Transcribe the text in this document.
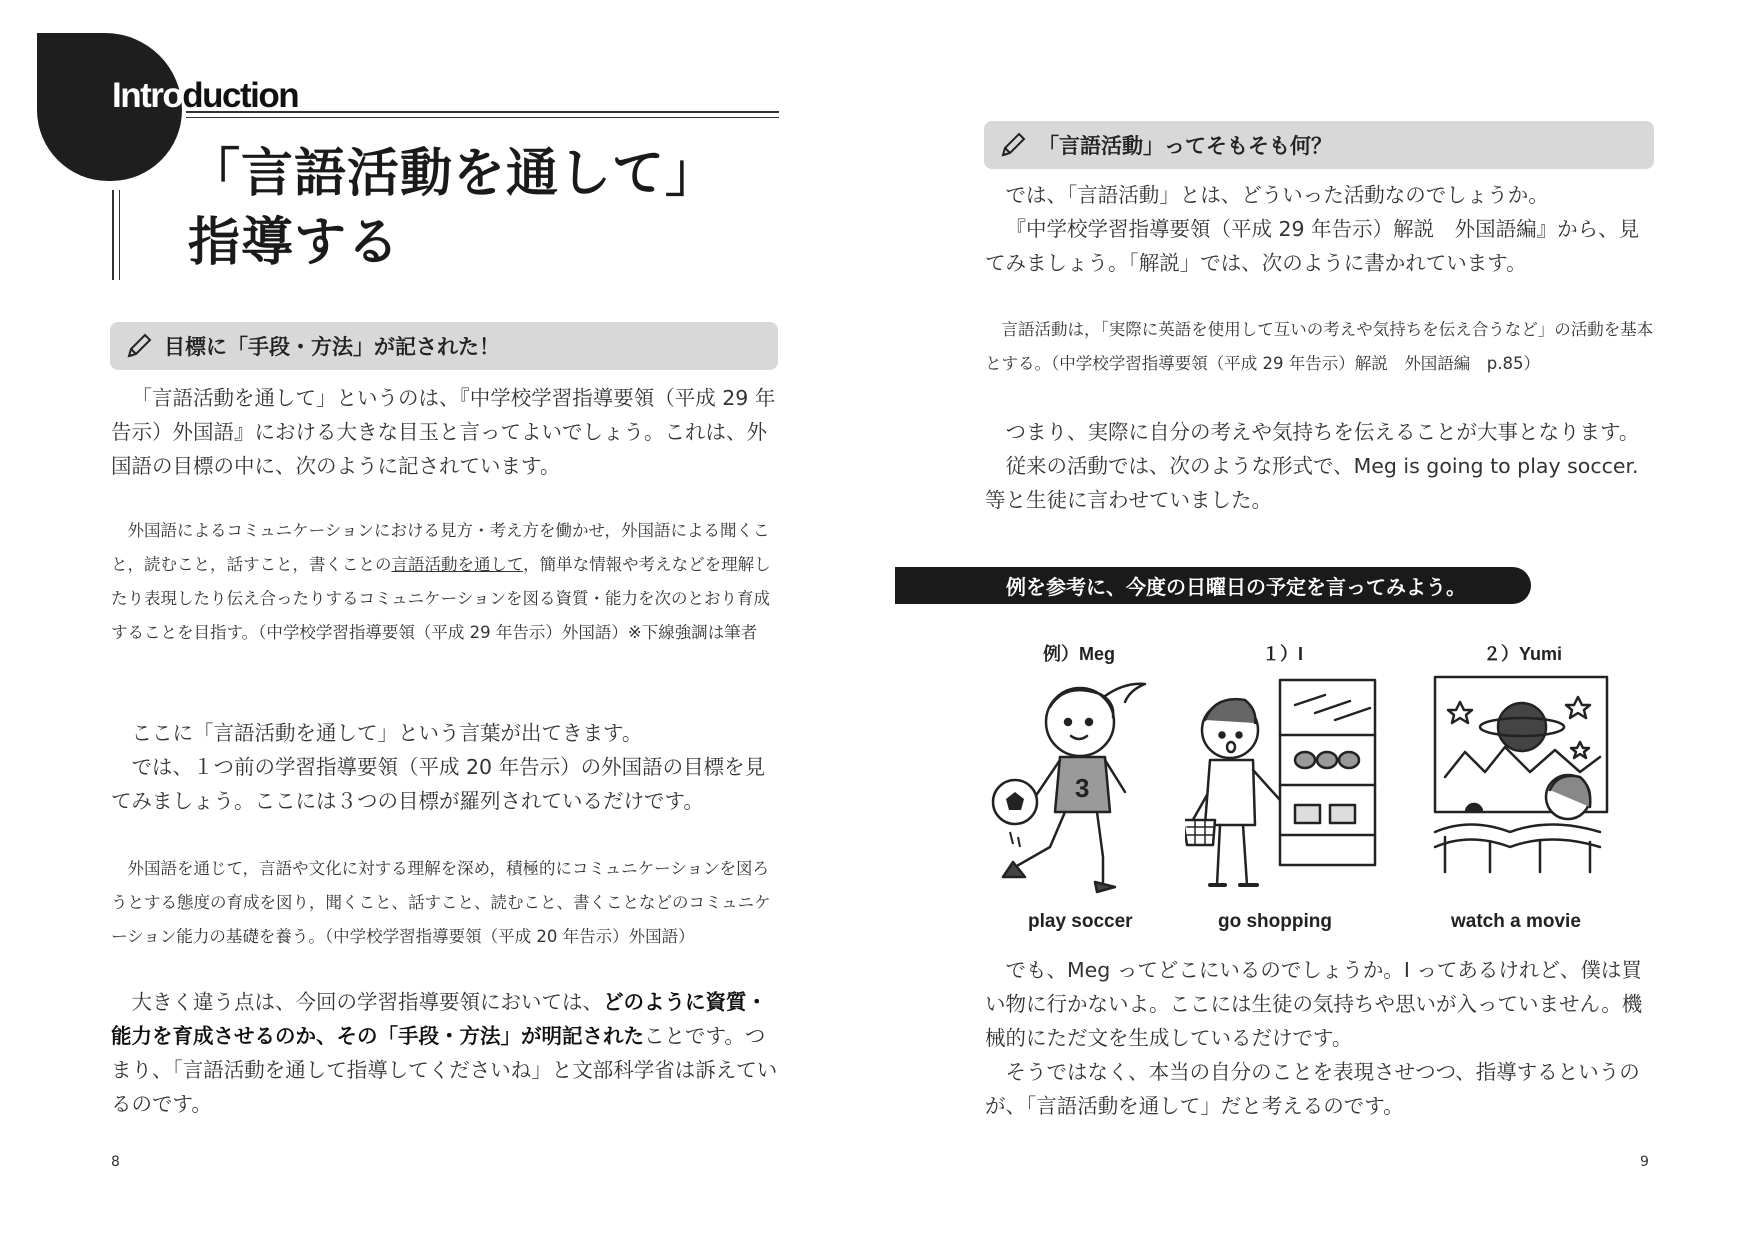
Introduction
「言語活動を通して」
指導する
目標に「手段・方法」が記された！

「言語活動を通して」というのは、『中学校学習指導要領（平成 29 年告示）外国語』における大きな目玉と言ってよいでしょう。これは、外国語の目標の中に、次のように記されています。

外国語によるコミュニケーションにおける見方・考え方を働かせ，外国語による聞くこと，読むこと，話すこと，書くことの言語活動を通して，簡単な情報や考えなどを理解したり表現したり伝え合ったりするコミュニケーションを図る資質・能力を次のとおり育成することを目指す。（中学校学習指導要領（平成 29 年告示）外国語）※下線強調は筆者

ここに「言語活動を通して」という言葉が出てきます。

では、１つ前の学習指導要領（平成 20 年告示）の外国語の目標を見てみましょう。ここには３つの目標が羅列されているだけです。

外国語を通じて，言語や文化に対する理解を深め，積極的にコミュニケーションを図ろうとする態度の育成を図り，聞くこと、話すこと、読むこと、書くことなどのコミュニケーション能力の基礎を養う。（中学校学習指導要領（平成 20 年告示）外国語）

大きく違う点は、今回の学習指導要領においては、どのように資質・能力を育成させるのか、その「手段・方法」が明記されたことです。つまり、「言語活動を通して指導してくださいね」と文部科学省は訴えているのです。

8
「言語活動」ってそもそも何？

では、「言語活動」とは、どういった活動なのでしょうか。

『中学校学習指導要領（平成 29 年告示）解説　外国語編』から、見てみましょう。「解説」では、次のように書かれています。

言語活動は，「実際に英語を使用して互いの考えや気持ちを伝え合うなど」の活動を基本とする。（中学校学習指導要領（平成 29 年告示）解説　外国語編　p.85）

つまり、実際に自分の考えや気持ちを伝えることが大事となります。

従来の活動では、次のような形式で、Meg is going to play soccer. 等と生徒に言わせていました。

例を参考に、今度の日曜日の予定を言ってみよう。
例）Meg	１）I	２）Yumi
3
play soccer	go shopping	watch a movie

でも、Meg ってどこにいるのでしょうか。I ってあるけれど、僕は買い物に行かないよ。ここには生徒の気持ちや思いが入っていません。機械的にただ文を生成しているだけです。

そうではなく、本当の自分のことを表現させつつ、指導するというのが、「言語活動を通して」だと考えるのです。

9
